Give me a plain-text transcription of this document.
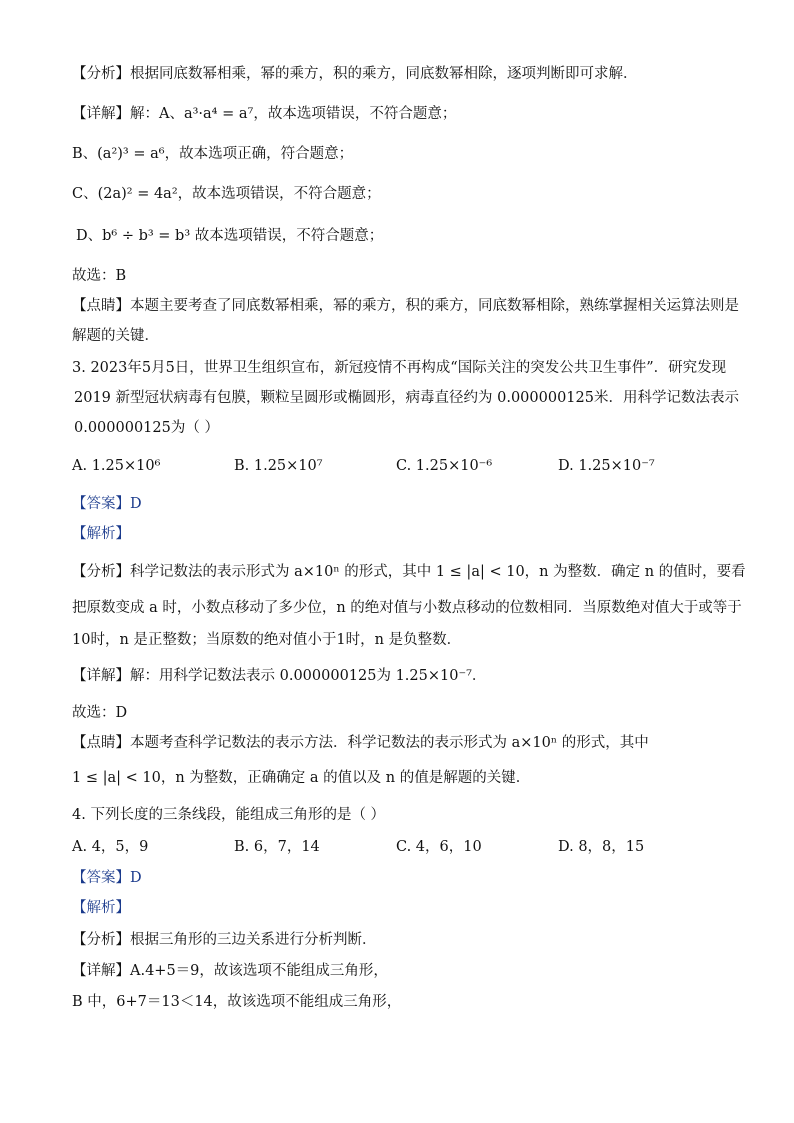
【分析】根据同底数幂相乘，幂的乘方，积的乘方，同底数幂相除，逐项判断即可求解．
【详解】解：A、a³·a⁴ = a⁷，故本选项错误，不符合题意；
B、(a²)³ = a⁶，故本选项正确，符合题意；
C、(2a)² = 4a²，故本选项错误，不符合题意；
D、b⁶ ÷ b³ = b³ 故本选项错误，不符合题意；
故选：B
【点睛】本题主要考查了同底数幂相乘，幂的乘方，积的乘方，同底数幂相除，熟练掌握相关运算法则是
解题的关键．
3. 2023年5月5日，世界卫生组织宣布，新冠疫情不再构成“国际关注的突发公共卫生事件”．研究发现
2019 新型冠状病毒有包膜，颗粒呈圆形或椭圆形，病毒直径约为 0.000000125米．用科学记数法表示
0.000000125为（ ）
A. 1.25×10⁶	B. 1.25×10⁷	C. 1.25×10⁻⁶	D. 1.25×10⁻⁷
【答案】D
【解析】
【分析】科学记数法的表示形式为 a×10ⁿ 的形式，其中 1 ≤ |a| < 10，n 为整数．确定 n 的值时，要看
把原数变成 a 时，小数点移动了多少位，n 的绝对值与小数点移动的位数相同．当原数绝对值大于或等于
10时，n 是正整数；当原数的绝对值小于1时，n 是负整数．
【详解】解：用科学记数法表示 0.000000125为 1.25×10⁻⁷．
故选：D
【点睛】本题考查科学记数法的表示方法．科学记数法的表示形式为 a×10ⁿ 的形式，其中
1 ≤ |a| < 10，n 为整数，正确确定 a 的值以及 n 的值是解题的关键．
4. 下列长度的三条线段，能组成三角形的是（ ）
A. 4，5，9	B. 6，7，14	C. 4，6，10	D. 8，8，15
【答案】D
【解析】
【分析】根据三角形的三边关系进行分析判断．
【详解】A.4+5＝9，故该选项不能组成三角形，
B 中，6+7＝13＜14，故该选项不能组成三角形，
